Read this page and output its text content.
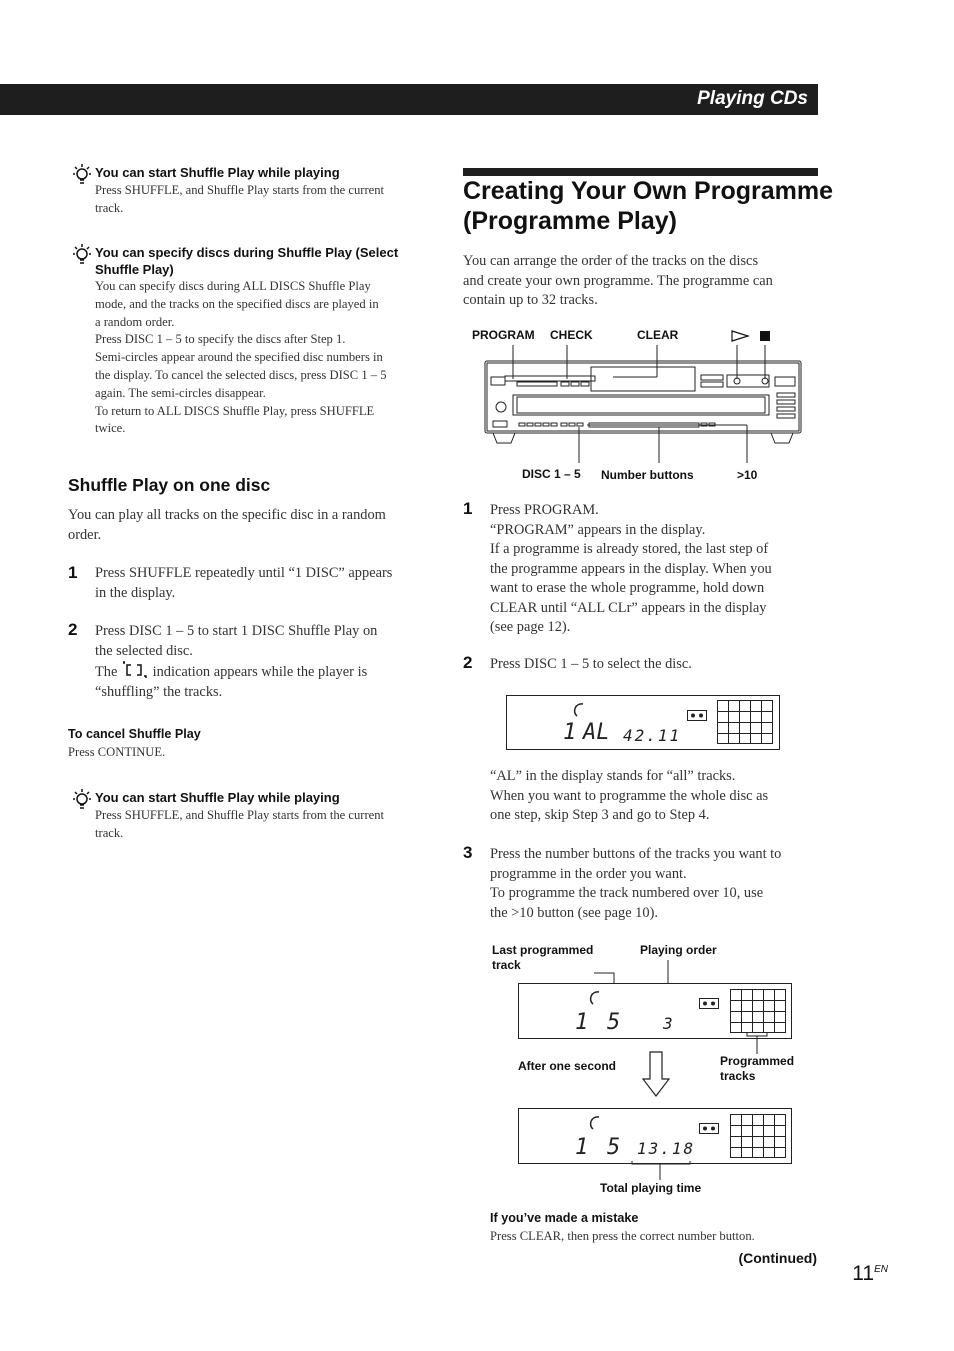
Playing CDs
You can start Shuffle Play while playing
Press SHUFFLE, and Shuffle Play starts from the current
track.
You can specify discs during Shuffle Play (Select
Shuffle Play)
You can specify discs during ALL DISCS Shuffle Play
mode, and the tracks on the specified discs are played in
a random order.
Press DISC 1 – 5 to specify the discs after Step 1.
Semi-circles appear around the specified disc numbers in
the display. To cancel the selected discs, press DISC 1 – 5
again. The semi-circles disappear.
To return to ALL DISCS Shuffle Play, press SHUFFLE
twice.
Shuffle Play on one disc
You can play all tracks on the specific disc in a random
order.
1 Press SHUFFLE repeatedly until “1 DISC” appears
in the display.
2 Press DISC 1 – 5 to start 1 DISC Shuffle Play on
the selected disc.
The  indication appears while the player is
“shuffling” the tracks.
To cancel Shuffle Play
Press CONTINUE.
You can start Shuffle Play while playing
Press SHUFFLE, and Shuffle Play starts from the current
track.
Creating Your Own Programme
(Programme Play)
You can arrange the order of the tracks on the discs
and create your own programme. The programme can
contain up to 32 tracks.
PROGRAM CHECK	CLEAR
DISC 1 – 5 Number buttons	>10
1 Press PROGRAM.
“PROGRAM” appears in the display.
If a programme is already stored, the last step of
the programme appears in the display. When you
want to erase the whole programme, hold down
CLEAR until “ALL CLr” appears in the display
(see page 12).
2 Press DISC 1 – 5 to select the disc.
1 AL 42.11
“AL” in the display stands for “all” tracks.
When you want to programme the whole disc as
one step, skip Step 3 and go to Step 4.
3 Press the number buttons of the tracks you want to
programme in the order you want.
To programme the track numbered over 10, use
the >10 button (see page 10).
Last programmed
track
Playing order
1 5	3
After one second	Programmed
tracks
1 5 13.18
Total playing time
If you’ve made a mistake
Press CLEAR, then press the correct number button.
(Continued)
$11^{EN}$
